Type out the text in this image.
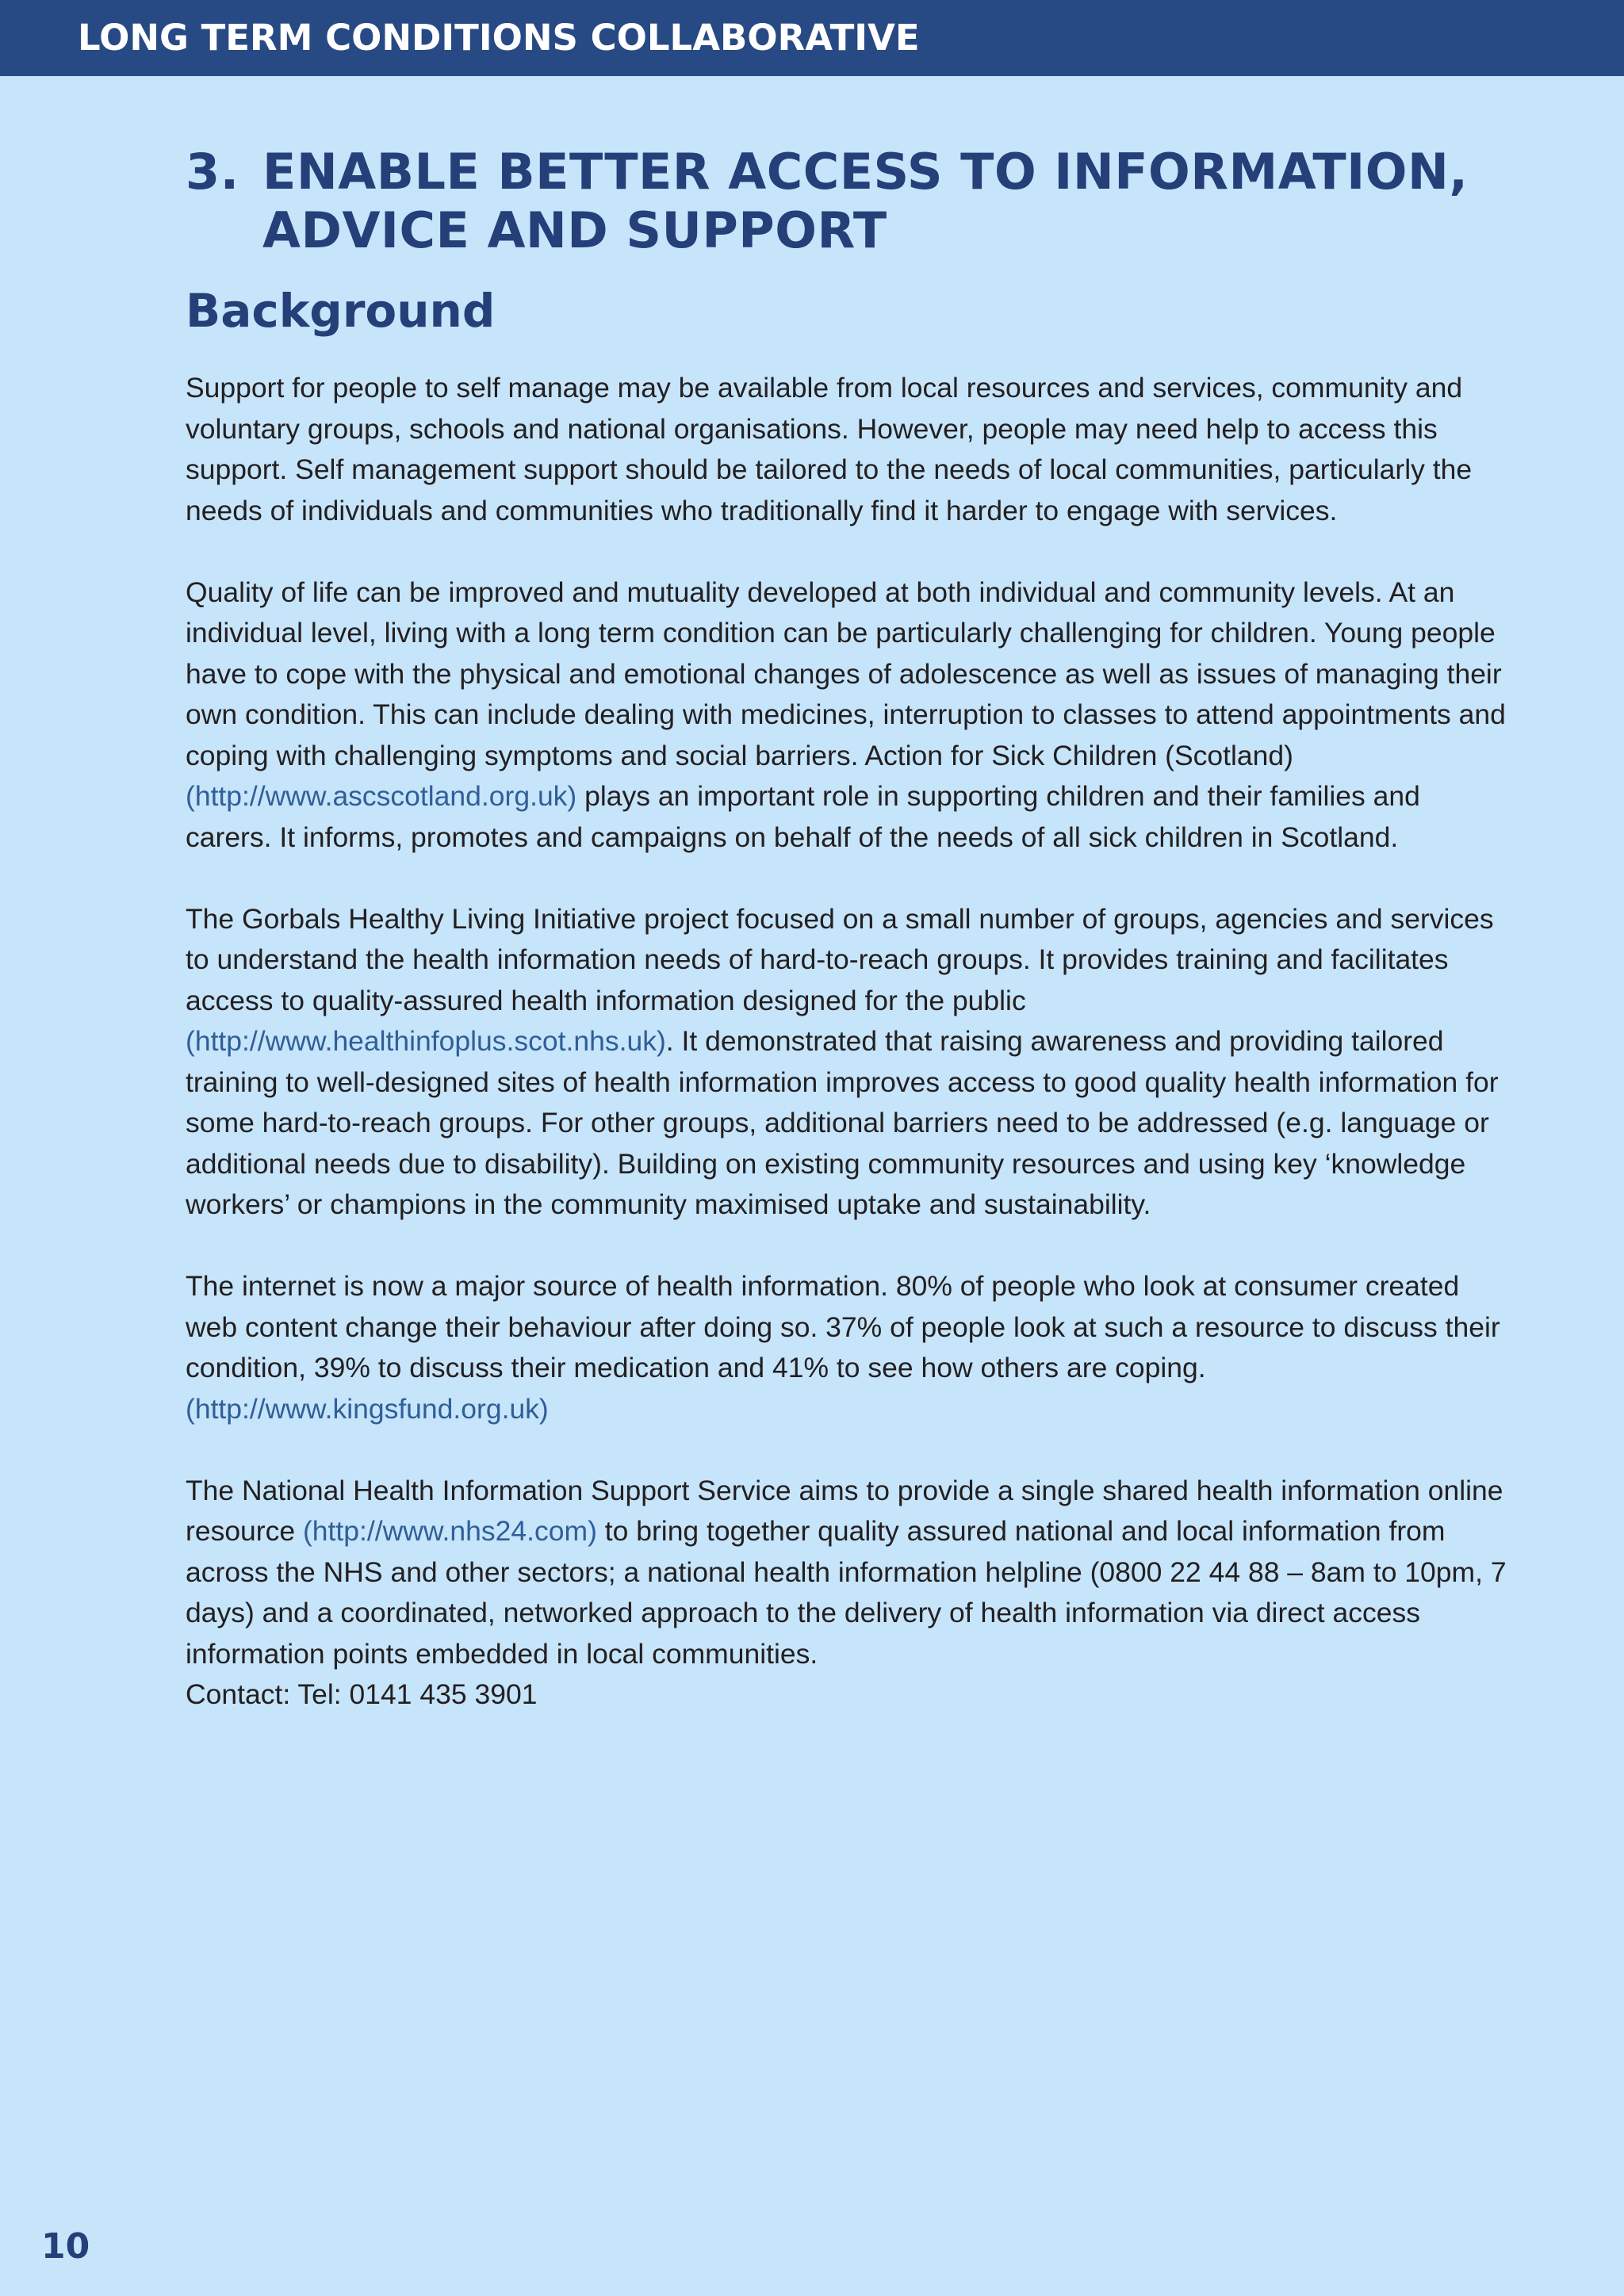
LONG TERM CONDITIONS COLLABORATIVE
3. ENABLE BETTER ACCESS TO INFORMATION,
ADVICE AND SUPPORT
Background

Support for people to self manage may be available from local resources and services, community and voluntary groups, schools and national organisations. However, people may need help to access this support. Self management support should be tailored to the needs of local communities, particularly the needs of individuals and communities who traditionally find it harder to engage with services.

Quality of life can be improved and mutuality developed at both individual and community levels. At an individual level, living with a long term condition can be particularly challenging for children. Young people have to cope with the physical and emotional changes of adolescence as well as issues of managing their own condition. This can include dealing with medicines, interruption to classes to attend appointments and coping with challenging symptoms and social barriers. Action for Sick Children (Scotland) (http://www.ascscotland.org.uk) plays an important role in supporting children and their families and carers. It informs, promotes and campaigns on behalf of the needs of all sick children in Scotland.

The Gorbals Healthy Living Initiative project focused on a small number of groups, agencies and services to understand the health information needs of hard-to-reach groups. It provides training and facilitates access to quality-assured health information designed for the public (http://www.healthinfoplus.scot.nhs.uk). It demonstrated that raising awareness and providing tailored training to well-designed sites of health information improves access to good quality health information for some hard-to-reach groups. For other groups, additional barriers need to be addressed (e.g. language or additional needs due to disability). Building on existing community resources and using key ‘knowledge workers’ or champions in the community maximised uptake and sustainability.

The internet is now a major source of health information. 80% of people who look at consumer created web content change their behaviour after doing so. 37% of people look at such a resource to discuss their condition, 39% to discuss their medication and 41% to see how others are coping. (http://www.kingsfund.org.uk)

The National Health Information Support Service aims to provide a single shared health information online resource (http://www.nhs24.com) to bring together quality assured national and local information from across the NHS and other sectors; a national health information helpline (0800 22 44 88 – 8am to 10pm, 7 days) and a coordinated, networked approach to the delivery of health information via direct access information points embedded in local communities.

Contact: Tel: 0141 435 3901

10
